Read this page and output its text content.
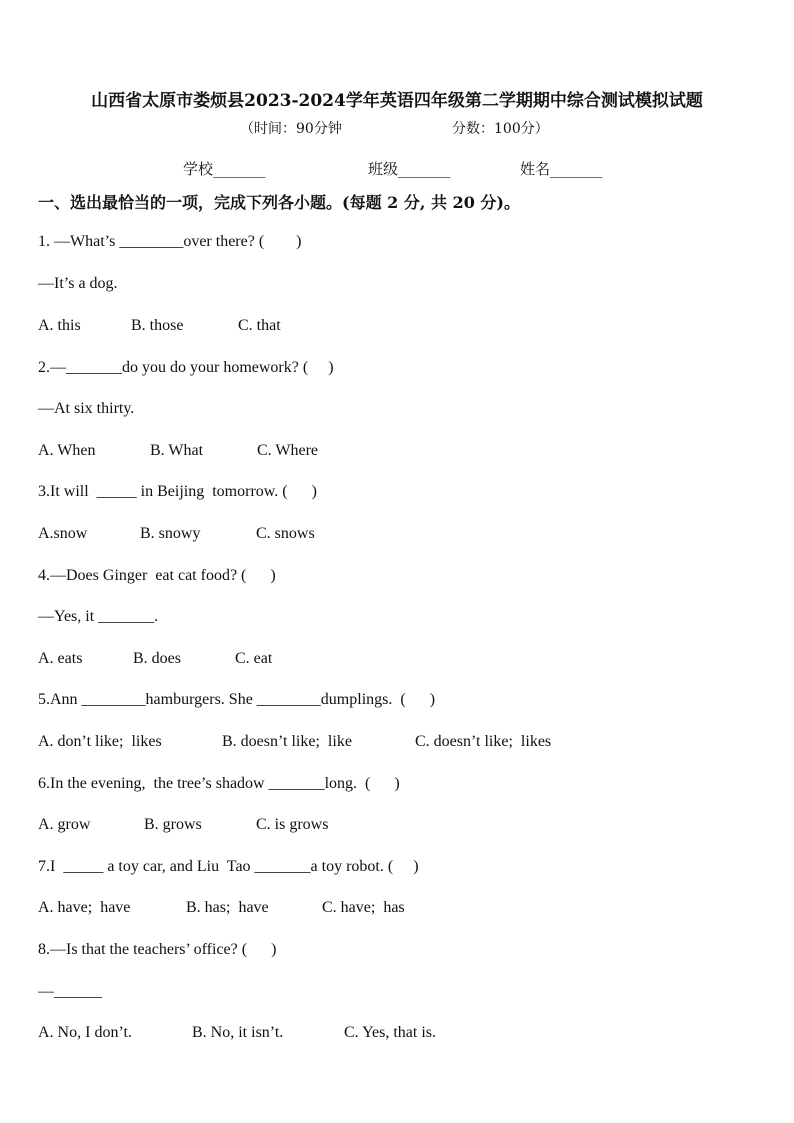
山西省太原市娄烦县2023-2024学年英语四年级第二学期期中综合测试模拟试题
（时间：90分钟	分数：100分）
学校_______	班级_______	姓名_______
一、选出最恰当的一项，完成下列各小题。(每题 2 分, 共 20 分)。
1. —What’s ________over there? (        )
—It’s a dog.
A. this	B. those	C. that
2.—_______do you do your homework? (     )
—At six thirty.
A. When	B. What	C. Where
3.It will  _____ in Beijing  tomorrow. (      )
A.snow	B. snowy	C. snows
4.—Does Ginger  eat cat food? (      )
—Yes, it _______.
A. eats	B. does	C. eat
5.Ann ________hamburgers. She ________dumplings.  (      )
A. don’t like;  likes	B. doesn’t like;  like	C. doesn’t like;  likes
6.In the evening,  the tree’s shadow _______long.  (      )
A. grow	B. grows	C. is grows
7.I  _____ a toy car, and Liu  Tao _______a toy robot. (     )
A. have;  have	B. has;  have	C. have;  has
8.—Is that the teachers’ office? (      )
—______
A. No, I don’t.	B. No, it isn’t.	C. Yes, that is.
